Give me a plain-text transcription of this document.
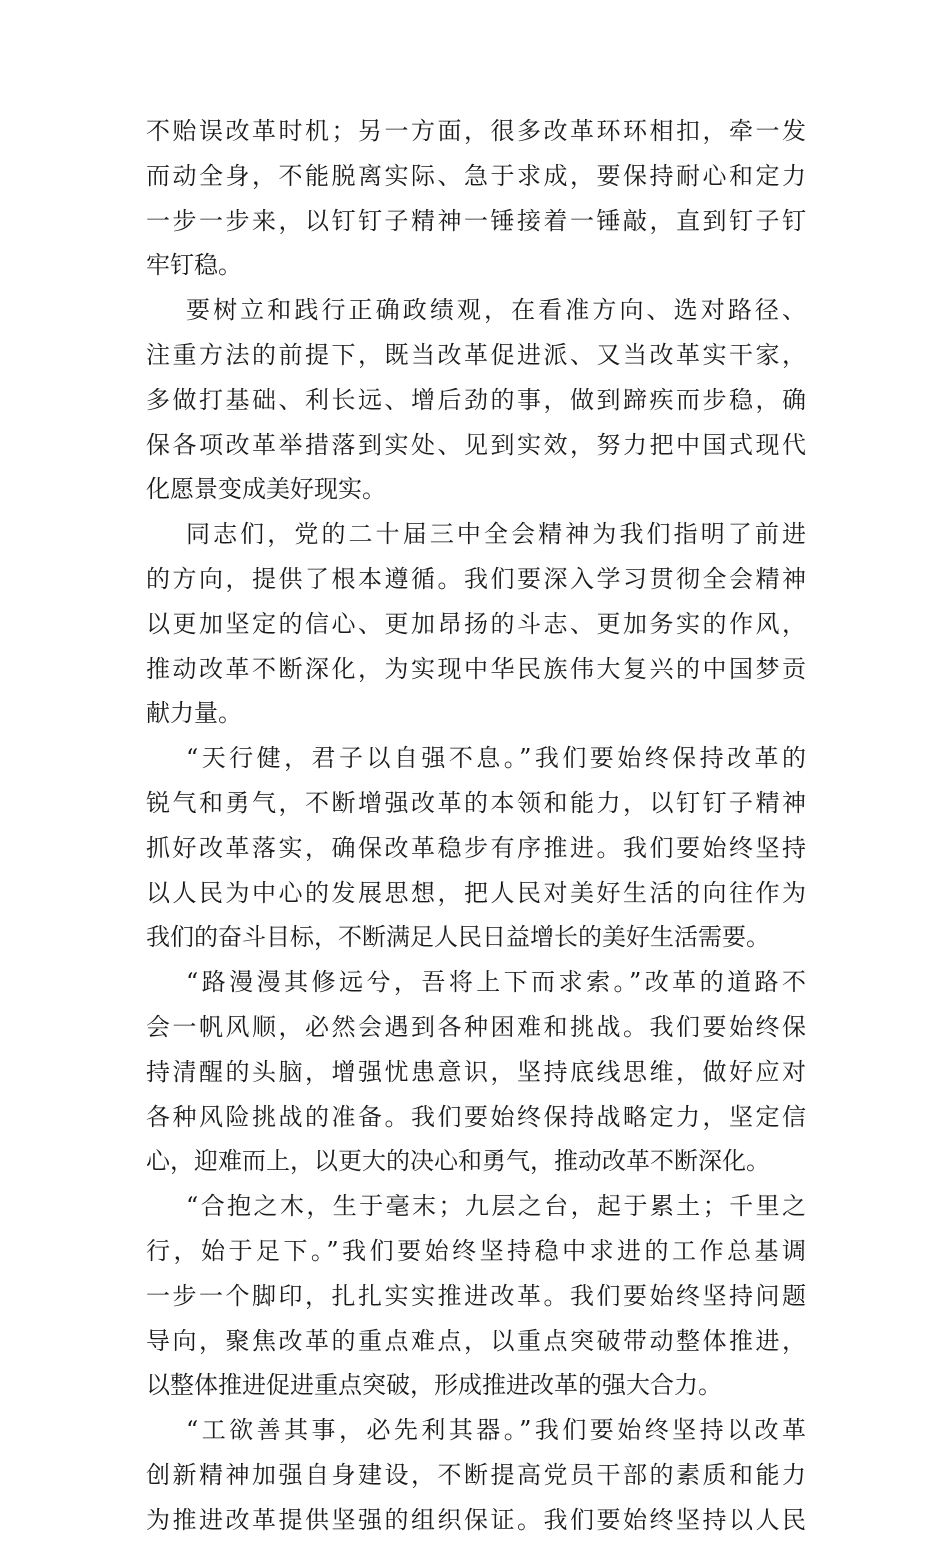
不贻误改革时机；另一方面，很多改革环环相扣，牵一发
而动全身，不能脱离实际、急于求成，要保持耐心和定力
一步一步来，以钉钉子精神一锤接着一锤敲，直到钉子钉
牢钉稳。
要树立和践行正确政绩观，在看准方向、选对路径、
注重方法的前提下，既当改革促进派、又当改革实干家，
多做打基础、利长远、增后劲的事，做到蹄疾而步稳，确
保各项改革举措落到实处、见到实效，努力把中国式现代
化愿景变成美好现实。
同志们，党的二十届三中全会精神为我们指明了前进
的方向，提供了根本遵循。我们要深入学习贯彻全会精神
以更加坚定的信心、更加昂扬的斗志、更加务实的作风，
推动改革不断深化，为实现中华民族伟大复兴的中国梦贡
献力量。
“天行健，君子以自强不息。”我们要始终保持改革的
锐气和勇气，不断增强改革的本领和能力，以钉钉子精神
抓好改革落实，确保改革稳步有序推进。我们要始终坚持
以人民为中心的发展思想，把人民对美好生活的向往作为
我们的奋斗目标，不断满足人民日益增长的美好生活需要。
“路漫漫其修远兮，吾将上下而求索。”改革的道路不
会一帆风顺，必然会遇到各种困难和挑战。我们要始终保
持清醒的头脑，增强忧患意识，坚持底线思维，做好应对
各种风险挑战的准备。我们要始终保持战略定力，坚定信
心，迎难而上，以更大的决心和勇气，推动改革不断深化。
“合抱之木，生于毫末；九层之台，起于累土；千里之
行，始于足下。”我们要始终坚持稳中求进的工作总基调
一步一个脚印，扎扎实实推进改革。我们要始终坚持问题
导向，聚焦改革的重点难点，以重点突破带动整体推进，
以整体推进促进重点突破，形成推进改革的强大合力。
“工欲善其事，必先利其器。”我们要始终坚持以改革
创新精神加强自身建设，不断提高党员干部的素质和能力
为推进改革提供坚强的组织保证。我们要始终坚持以人民
